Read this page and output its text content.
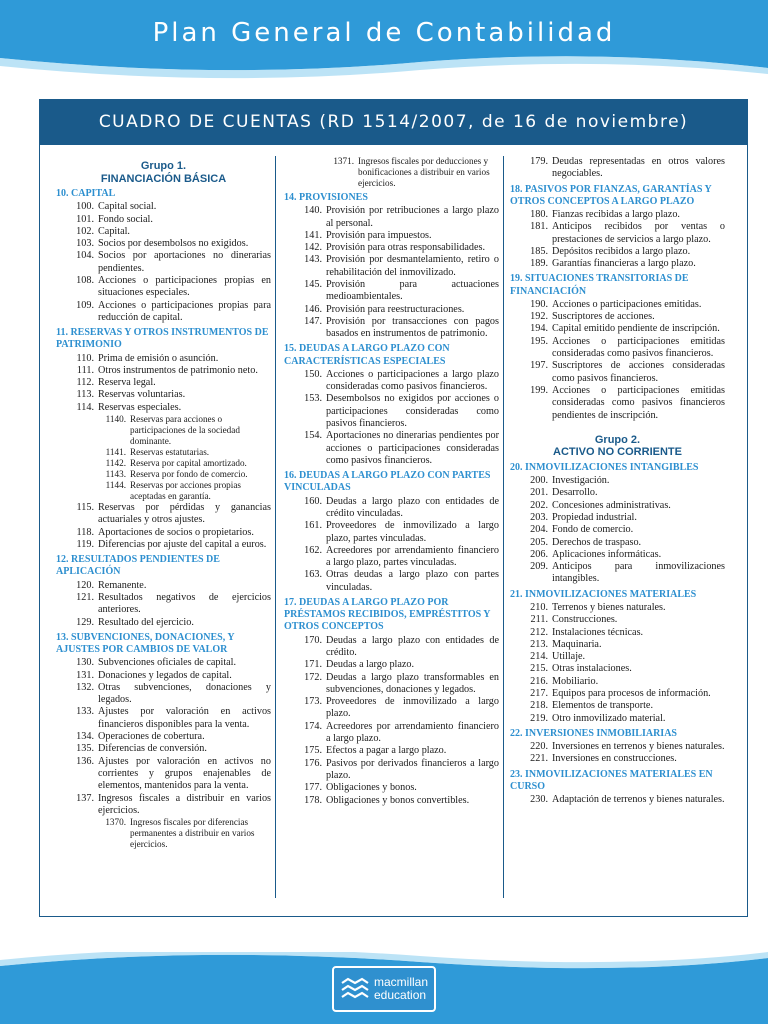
Plan General de Contabilidad
CUADRO DE CUENTAS (RD 1514/2007, de 16 de noviembre)
Grupo 1.
FINANCIACIÓN BÁSICA
10. CAPITAL
100. Capital social.
101. Fondo social.
102. Capital.
103. Socios por desembolsos no exigidos.
104. Socios por aportaciones no dinerarias pendientes.
108. Acciones o participaciones propias en situaciones especiales.
109. Acciones o participaciones propias para reducción de capital.
11. RESERVAS Y OTROS INSTRUMENTOS DE PATRIMONIO
110. Prima de emisión o asunción.
111. Otros instrumentos de patrimonio neto.
112. Reserva legal.
113. Reservas voluntarias.
114. Reservas especiales.
1140. Reservas para acciones o participaciones de la sociedad dominante.
1141. Reservas estatutarias.
1142. Reserva por capital amortizado.
1143. Reserva por fondo de comercio.
1144. Reservas por acciones propias aceptadas en garantía.
115. Reservas por pérdidas y ganancias actuariales y otros ajustes.
118. Aportaciones de socios o propietarios.
119. Diferencias por ajuste del capital a euros.
12. RESULTADOS PENDIENTES DE APLICACIÓN
120. Remanente.
121. Resultados negativos de ejercicios anteriores.
129. Resultado del ejercicio.
13. SUBVENCIONES, DONACIONES, Y AJUSTES POR CAMBIOS DE VALOR
130. Subvenciones oficiales de capital.
131. Donaciones y legados de capital.
132. Otras subvenciones, donaciones y legados.
133. Ajustes por valoración en activos financieros disponibles para la venta.
134. Operaciones de cobertura.
135. Diferencias de conversión.
136. Ajustes por valoración en activos no corrientes y grupos enajenables de elementos, mantenidos para la venta.
137. Ingresos fiscales a distribuir en varios ejercicios.
1370. Ingresos fiscales por diferencias permanentes a distribuir en varios ejercicios.
1371. Ingresos fiscales por deducciones y bonificaciones a distribuir en varios ejercicios.
14. PROVISIONES
140. Provisión por retribuciones a largo plazo al personal.
141. Provisión para impuestos.
142. Provisión para otras responsabilidades.
143. Provisión por desmantelamiento, retiro o rehabilitación del inmovilizado.
145. Provisión para actuaciones medioambientales.
146. Provisión para reestructuraciones.
147. Provisión por transacciones con pagos basados en instrumentos de patrimonio.
15. DEUDAS A LARGO PLAZO CON CARACTERÍSTICAS ESPECIALES
150. Acciones o participaciones a largo plazo consideradas como pasivos financieros.
153. Desembolsos no exigidos por acciones o participaciones consideradas como pasivos financieros.
154. Aportaciones no dinerarias pendientes por acciones o participaciones consideradas como pasivos financieros.
16. DEUDAS A LARGO PLAZO CON PARTES VINCULADAS
160. Deudas a largo plazo con entidades de crédito vinculadas.
161. Proveedores de inmovilizado a largo plazo, partes vinculadas.
162. Acreedores por arrendamiento financiero a largo plazo, partes vinculadas.
163. Otras deudas a largo plazo con partes vinculadas.
17. DEUDAS A LARGO PLAZO POR PRÉSTAMOS RECIBIDOS, EMPRÉSTITOS Y OTROS CONCEPTOS
170. Deudas a largo plazo con entidades de crédito.
171. Deudas a largo plazo.
172. Deudas a largo plazo transformables en subvenciones, donaciones y legados.
173. Proveedores de inmovilizado a largo plazo.
174. Acreedores por arrendamiento financiero a largo plazo.
175. Efectos a pagar a largo plazo.
176. Pasivos por derivados financieros a largo plazo.
177. Obligaciones y bonos.
178. Obligaciones y bonos convertibles.
179. Deudas representadas en otros valores negociables.
18. PASIVOS POR FIANZAS, GARANTÍAS Y OTROS CONCEPTOS A LARGO PLAZO
180. Fianzas recibidas a largo plazo.
181. Anticipos recibidos por ventas o prestaciones de servicios a largo plazo.
185. Depósitos recibidos a largo plazo.
189. Garantías financieras a largo plazo.
19. SITUACIONES TRANSITORIAS DE FINANCIACIÓN
190. Acciones o participaciones emitidas.
192. Suscriptores de acciones.
194. Capital emitido pendiente de inscripción.
195. Acciones o participaciones emitidas consideradas como pasivos financieros.
197. Suscriptores de acciones consideradas como pasivos financieros.
199. Acciones o participaciones emitidas consideradas como pasivos financieros pendientes de inscripción.
Grupo 2.
ACTIVO NO CORRIENTE
20. INMOVILIZACIONES INTANGIBLES
200. Investigación.
201. Desarrollo.
202. Concesiones administrativas.
203. Propiedad industrial.
204. Fondo de comercio.
205. Derechos de traspaso.
206. Aplicaciones informáticas.
209. Anticipos para inmovilizaciones intangibles.
21. INMOVILIZACIONES MATERIALES
210. Terrenos y bienes naturales.
211. Construcciones.
212. Instalaciones técnicas.
213. Maquinaria.
214. Utillaje.
215. Otras instalaciones.
216. Mobiliario.
217. Equipos para procesos de información.
218. Elementos de transporte.
219. Otro inmovilizado material.
22. INVERSIONES INMOBILIARIAS
220. Inversiones en terrenos y bienes naturales.
221. Inversiones en construcciones.
23. INMOVILIZACIONES MATERIALES EN CURSO
230. Adaptación de terrenos y bienes naturales.
macmillan
education
